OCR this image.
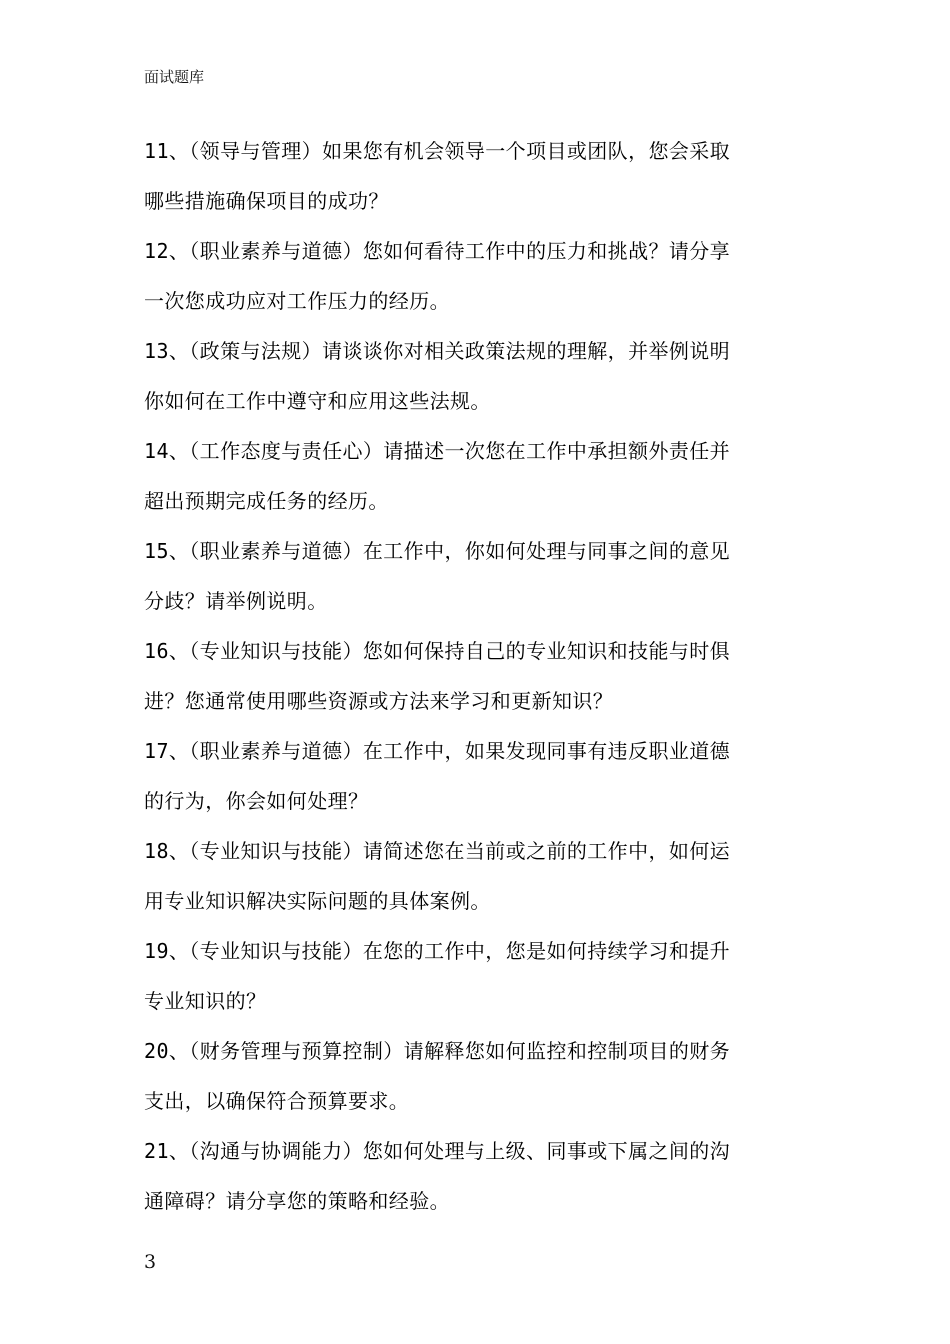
面试题库

11、（领导与管理）如果您有机会领导一个项目或团队，您会采取
哪些措施确保项目的成功？

12、（职业素养与道德）您如何看待工作中的压力和挑战？请分享
一次您成功应对工作压力的经历。

13、（政策与法规）请谈谈你对相关政策法规的理解，并举例说明
你如何在工作中遵守和应用这些法规。

14、（工作态度与责任心）请描述一次您在工作中承担额外责任并
超出预期完成任务的经历。

15、（职业素养与道德）在工作中，你如何处理与同事之间的意见
分歧？请举例说明。

16、（专业知识与技能）您如何保持自己的专业知识和技能与时俱
进？您通常使用哪些资源或方法来学习和更新知识？

17、（职业素养与道德）在工作中，如果发现同事有违反职业道德
的行为，你会如何处理？

18、（专业知识与技能）请简述您在当前或之前的工作中，如何运
用专业知识解决实际问题的具体案例。

19、（专业知识与技能）在您的工作中，您是如何持续学习和提升
专业知识的？

20、（财务管理与预算控制）请解释您如何监控和控制项目的财务
支出，以确保符合预算要求。

21、（沟通与协调能力）您如何处理与上级、同事或下属之间的沟
通障碍？请分享您的策略和经验。

3
